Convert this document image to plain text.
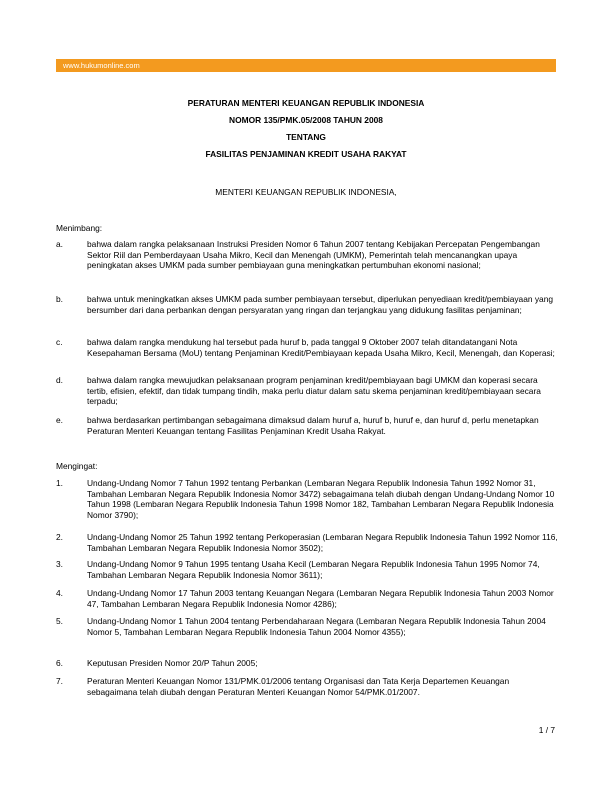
www.hukumonline.com
PERATURAN MENTERI KEUANGAN REPUBLIK INDONESIA
NOMOR 135/PMK.05/2008 TAHUN 2008
TENTANG
FASILITAS PENJAMINAN KREDIT USAHA RAKYAT
MENTERI KEUANGAN REPUBLIK INDONESIA,
Menimbang:
a.	bahwa dalam rangka pelaksanaan Instruksi Presiden Nomor 6 Tahun 2007 tentang Kebijakan Percepatan Pengembangan Sektor Riil dan Pemberdayaan Usaha Mikro, Kecil dan Menengah (UMKM), Pemerintah telah mencanangkan upaya peningkatan akses UMKM pada sumber pembiayaan guna meningkatkan pertumbuhan ekonomi nasional;
b.	bahwa untuk meningkatkan akses UMKM pada sumber pembiayaan tersebut, diperlukan penyediaan kredit/pembiayaan yang bersumber dari dana perbankan dengan persyaratan yang ringan dan terjangkau yang didukung fasilitas penjaminan;
c.	bahwa dalam rangka mendukung hal tersebut pada huruf b, pada tanggal 9 Oktober 2007 telah ditandatangani Nota Kesepahaman Bersama (MoU) tentang Penjaminan Kredit/Pembiayaan kepada Usaha Mikro, Kecil, Menengah, dan Koperasi;
d.	bahwa dalam rangka mewujudkan pelaksanaan program penjaminan kredit/pembiayaan bagi UMKM dan koperasi secara tertib, efisien, efektif, dan tidak tumpang tindih, maka perlu diatur dalam satu skema penjaminan kredit/pembiayaan secara terpadu;
e.	bahwa berdasarkan pertimbangan sebagaimana dimaksud dalam huruf a, huruf b, huruf e, dan huruf d, perlu menetapkan Peraturan Menteri Keuangan tentang Fasilitas Penjaminan Kredit Usaha Rakyat.
Mengingat:
1.	Undang-Undang Nomor 7 Tahun 1992 tentang Perbankan (Lembaran Negara Republik Indonesia Tahun 1992 Nomor 31, Tambahan Lembaran Negara Republik Indonesia Nomor 3472) sebagaimana telah diubah dengan Undang-Undang Nomor 10 Tahun 1998 (Lembaran Negara Republik Indonesia Tahun 1998 Nomor 182, Tambahan Lembaran Negara Republik Indonesia Nomor 3790);
2.	Undang-Undang Nomor 25 Tahun 1992 tentang Perkoperasian (Lembaran Negara Republik Indonesia Tahun 1992 Nomor 116, Tambahan Lembaran Negara Republik Indonesia Nomor 3502);
3.	Undang-Undang Nomor 9 Tahun 1995 tentang Usaha Kecil (Lembaran Negara Republik Indonesia Tahun 1995 Nomor 74, Tambahan Lembaran Negara Republik Indonesia Nomor 3611);
4.	Undang-Undang Nomor 17 Tahun 2003 tentang Keuangan Negara (Lembaran Negara Republik Indonesia Tahun 2003 Nomor 47, Tambahan Lembaran Negara Republik Indonesia Nomor 4286);
5.	Undang-Undang Nomor 1 Tahun 2004 tentang Perbendaharaan Negara (Lembaran Negara Republik Indonesia Tahun 2004 Nomor 5, Tambahan Lembaran Negara Republik Indonesia Tahun 2004 Nomor 4355);
6.	Keputusan Presiden Nomor 20/P Tahun 2005;
7.	Peraturan Menteri Keuangan Nomor 131/PMK.01/2006 tentang Organisasi dan Tata Kerja Departemen Keuangan sebagaimana telah diubah dengan Peraturan Menteri Keuangan Nomor 54/PMK.01/2007.
1 / 7
